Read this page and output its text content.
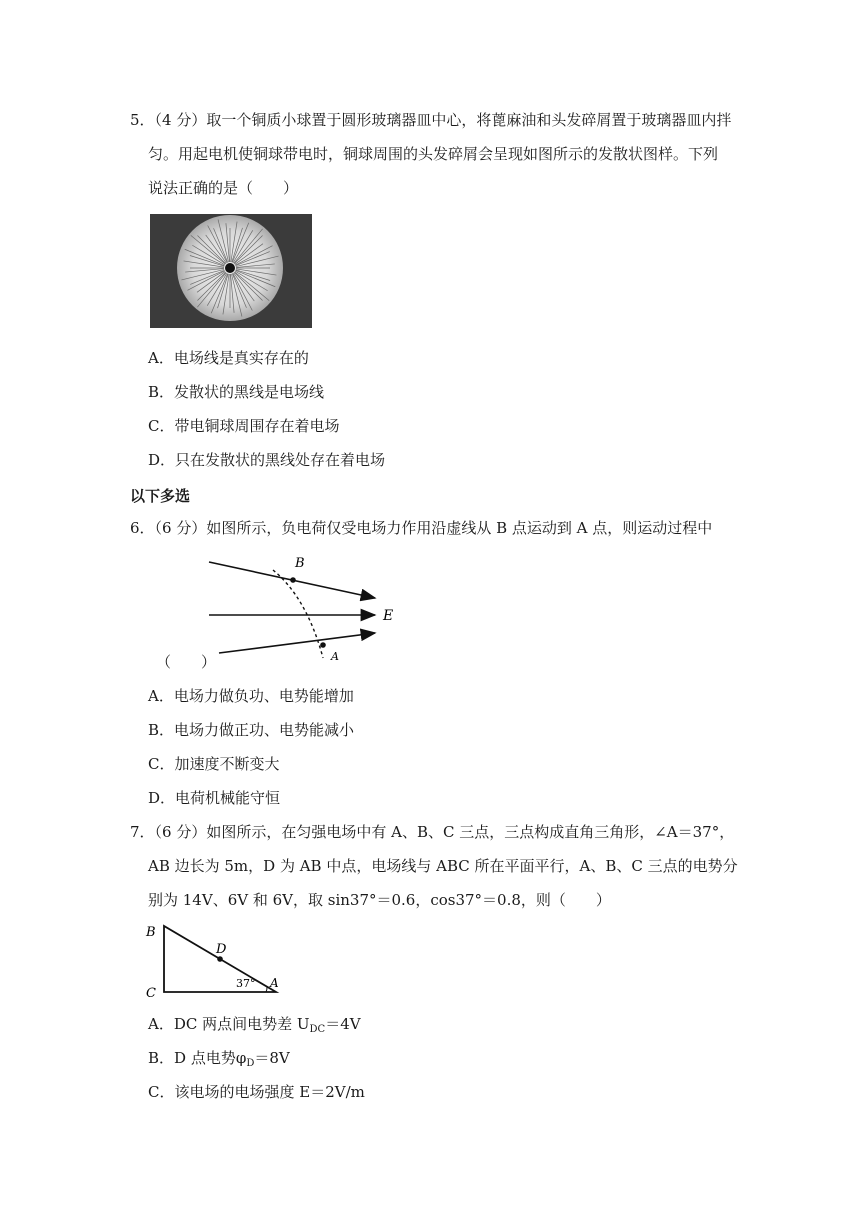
5．（4 分）取一个铜质小球置于圆形玻璃器皿中心，将蓖麻油和头发碎屑置于玻璃器皿内拌
匀。用起电机使铜球带电时，铜球周围的头发碎屑会呈现如图所示的发散状图样。下列
说法正确的是（　　）
A．电场线是真实存在的
B．发散状的黑线是电场线
C．带电铜球周围存在着电场
D．只在发散状的黑线处存在着电场
以下多选
6．（6 分）如图所示，负电荷仅受电场力作用沿虚线从 B 点运动到 A 点，则运动过程中
B
E
A
（　　）
A．电场力做负功、电势能增加
B．电场力做正功、电势能减小
C．加速度不断变大
D．电荷机械能守恒
7．（6 分）如图所示，在匀强电场中有 A、B、C 三点，三点构成直角三角形，∠A＝37°，
AB 边长为 5m，D 为 AB 中点，电场线与 ABC 所在平面平行，A、B、C 三点的电势分
别为 14V、6V 和 6V，取 sin37°＝0.6，cos37°＝0.8，则（　　）
B
C
D
A
37°
A．DC 两点间电势差 $U_{DC}=4V$
B．D 点电势$\varphi_D=8V$
C．该电场的电场强度 E＝2V/m
